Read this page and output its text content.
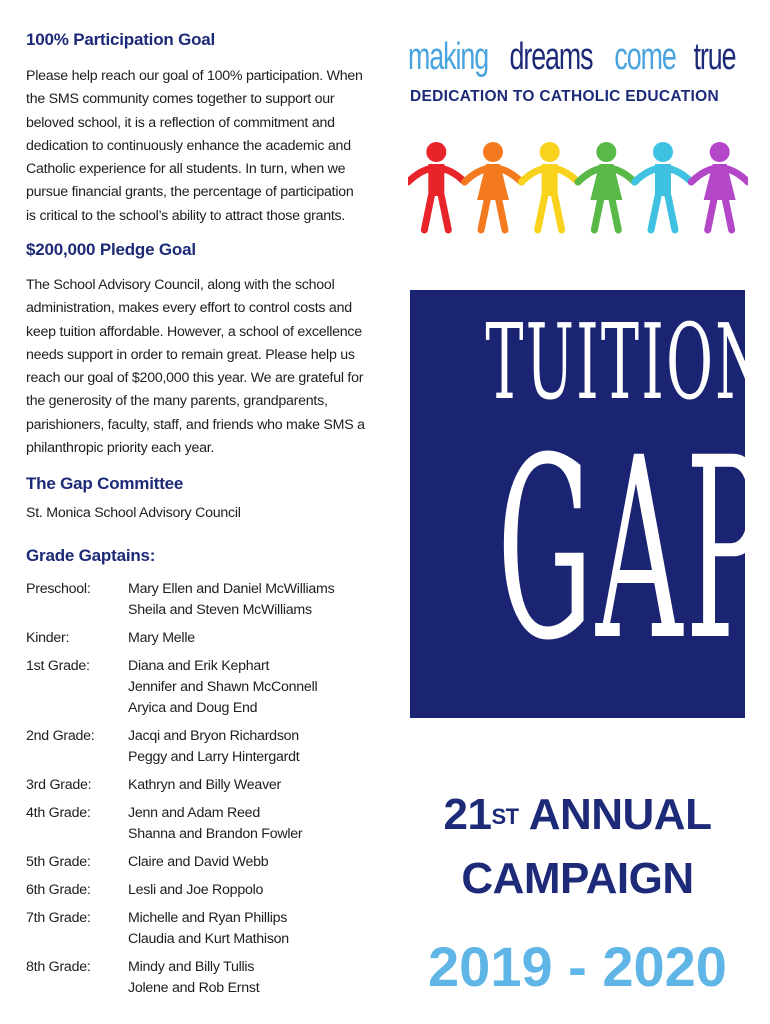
100% Participation Goal

Please help reach our goal of 100% participation. When the SMS community comes together to support our beloved school, it is a reflection of commitment and dedication to continuously enhance the academic and Catholic experience for all students. In turn, when we pursue financial grants, the percentage of participation is critical to the school’s ability to attract those grants.

$200,000 Pledge Goal

The School Advisory Council, along with the school administration, makes every effort to control costs and keep tuition affordable. However, a school of excellence needs support in order to remain great. Please help us reach our goal of $200,000 this year. We are grateful for the generosity of the many parents, grandparents, parishioners, faculty, staff, and friends who make SMS a philanthropic priority each year.

The Gap Committee
St. Monica School Advisory Council
Grade Gaptains:
Preschool:	Mary Ellen and Daniel McWilliams
Sheila and Steven McWilliams
Kinder:	Mary Melle
1st Grade:	Diana and Erik Kephart
Jennifer and Shawn McConnell
Aryica and Doug End
2nd Grade:	Jacqi and Bryon Richardson
Peggy and Larry Hintergardt
3rd Grade:	Kathryn and Billy Weaver
4th Grade:	Jenn and Adam Reed
Shanna and Brandon Fowler
5th Grade:	Claire and David Webb
6th Grade:	Lesli and Joe Roppolo
7th Grade:	Michelle and Ryan Phillips
Claudia and Kurt Mathison
8th Grade:	Mindy and Billy Tullis
Jolene and Rob Ernst
making dreams come true
DEDICATION TO CATHOLIC EDUCATION
TUITION
GAP
21ST ANNUAL
CAMPAIGN
2019 - 2020
